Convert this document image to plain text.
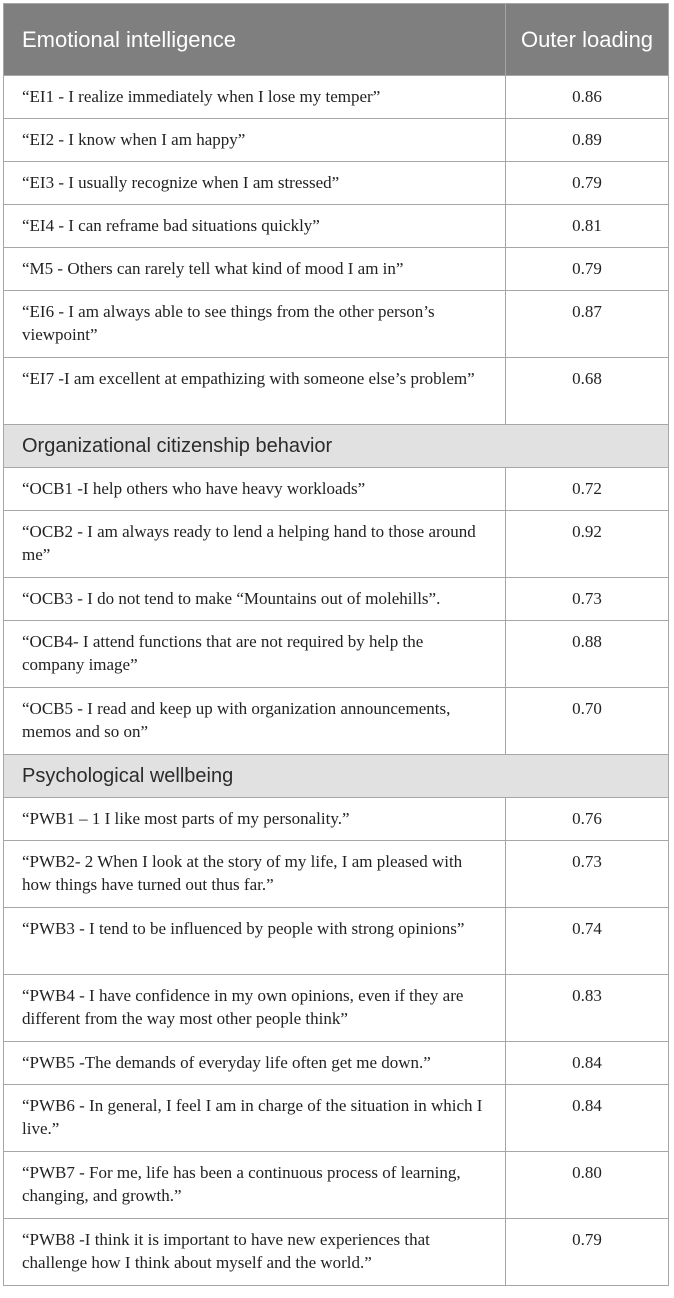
Emotional intelligence	Outer loading
“EI1 - I realize immediately when I lose my temper”	0.86
“EI2 - I know when I am happy”	0.89
“EI3 - I usually recognize when I am stressed”	0.79
“EI4 - I can reframe bad situations quickly”	0.81
“M5 - Others can rarely tell what kind of mood I am in”	0.79
“EI6 - I am always able to see things from the other person’s viewpoint”	0.87
“EI7 -I am excellent at empathizing with someone else’s problem”	0.68
Organizational citizenship behavior	
“OCB1 -I help others who have heavy workloads”	0.72
“OCB2 - I am always ready to lend a helping hand to those around me”	0.92
“OCB3 - I do not tend to make “Mountains out of molehills”.	0.73
“OCB4- I attend functions that are not required by help the company image”	0.88
“OCB5 - I read and keep up with organization announcements, memos and so on”	0.70
Psychological wellbeing	
“PWB1 – 1 I like most parts of my personality.”	0.76
“PWB2- 2 When I look at the story of my life, I am pleased with how things have turned out thus far.”	0.73
“PWB3 - I tend to be influenced by people with strong opinions”	0.74
“PWB4 - I have confidence in my own opinions, even if they are different from the way most other people think”	0.83
“PWB5 -The demands of everyday life often get me down.”	0.84
“PWB6 - In general, I feel I am in charge of the situation in which I live.”	0.84
“PWB7 - For me, life has been a continuous process of learning, changing, and growth.”	0.80
“PWB8 -I think it is important to have new experiences that challenge how I think about myself and the world.”	0.79
